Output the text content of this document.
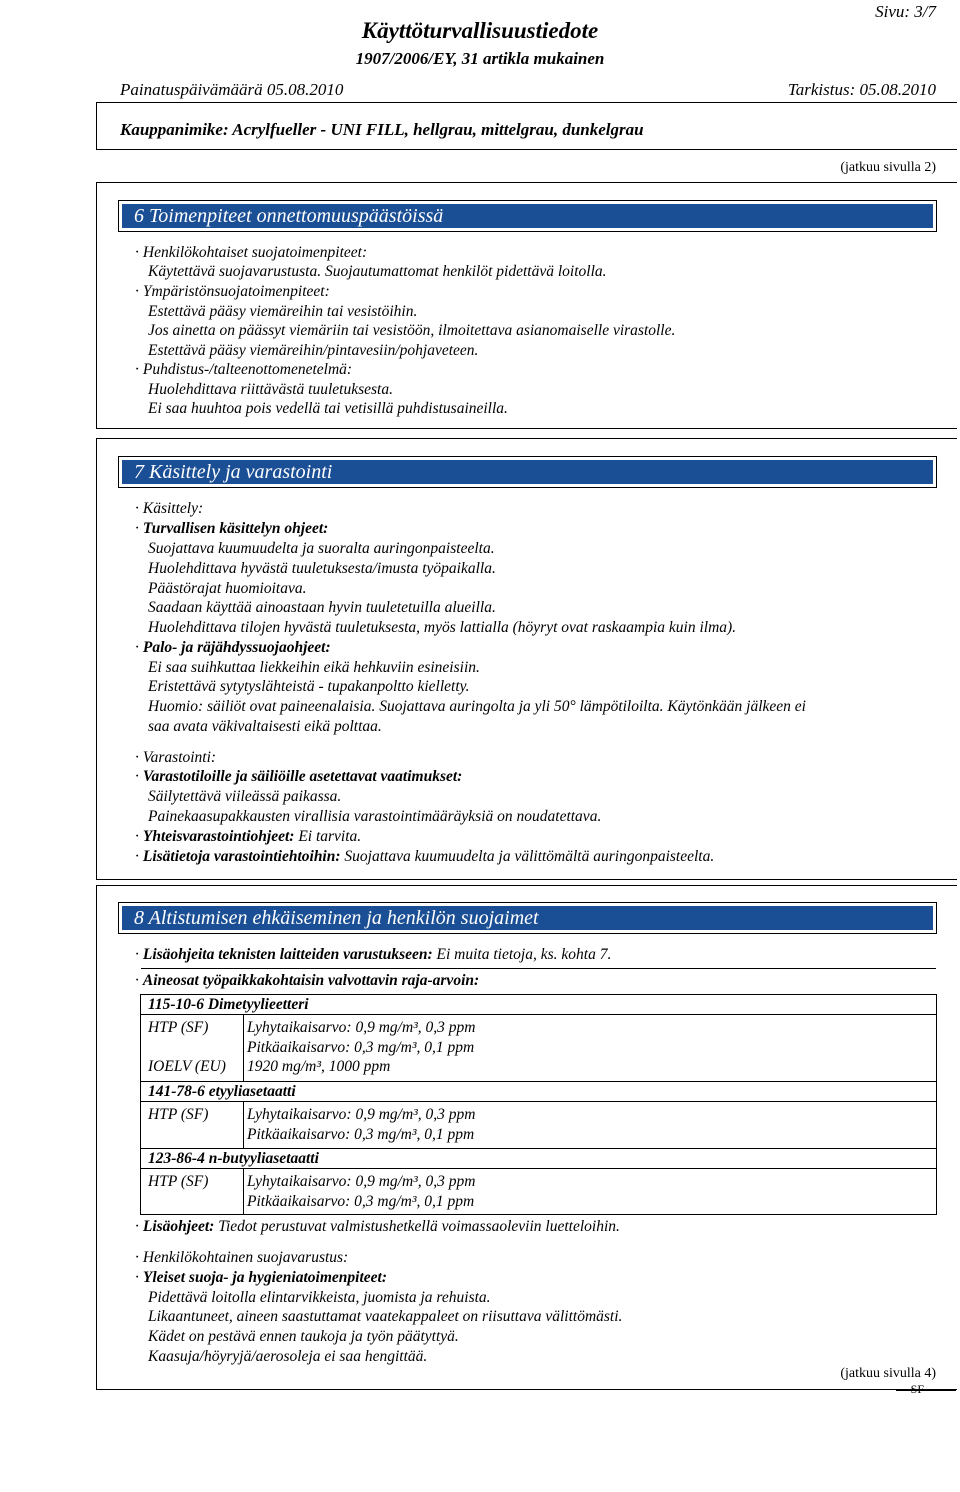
Sivu: 3/7
Käyttöturvallisuustiedote
1907/2006/EY, 31 artikla mukainen
Painatuspäivämäärä 05.08.2010	Tarkistus: 05.08.2010
Kauppanimike: Acrylfueller - UNI FILL, hellgrau, mittelgrau, dunkelgrau
(jatkuu sivulla 2)
6 Toimenpiteet onnettomuuspäästöissä
· Henkilökohtaiset suojatoimenpiteet:
Käytettävä suojavarustusta. Suojautumattomat henkilöt pidettävä loitolla.
· Ympäristönsuojatoimenpiteet:
Estettävä pääsy viemäreihin tai vesistöihin.
Jos ainetta on päässyt viemäriin tai vesistöön, ilmoitettava asianomaiselle virastolle.
Estettävä pääsy viemäreihin/pintavesiin/pohjaveteen.
· Puhdistus-/talteenottomenetelmä:
Huolehdittava riittävästä tuuletuksesta.
Ei saa huuhtoa pois vedellä tai vetisillä puhdistusaineilla.
7 Käsittely ja varastointi
· Käsittely:
· Turvallisen käsittelyn ohjeet:
Suojattava kuumuudelta ja suoralta auringonpaisteelta.
Huolehdittava hyvästä tuuletuksesta/imusta työpaikalla.
Päästörajat huomioitava.
Saadaan käyttää ainoastaan hyvin tuuletetuilla alueilla.
Huolehdittava tilojen hyvästä tuuletuksesta, myös lattialla (höyryt ovat raskaampia kuin ilma).
· Palo- ja räjähdyssuojaohjeet:
Ei saa suihkuttaa liekkeihin eikä hehkuviin esineisiin.
Eristettävä sytytyslähteistä - tupakanpoltto kielletty.
Huomio: säiliöt ovat paineenalaisia. Suojattava auringolta ja yli 50° lämpötiloilta. Käytönkään jälkeen ei
saa avata väkivaltaisesti eikä polttaa.
· Varastointi:
· Varastotiloille ja säiliöille asetettavat vaatimukset:
Säilytettävä viileässä paikassa.
Painekaasupakkausten virallisia varastointimääräyksiä on noudatettava.
· Yhteisvarastointiohjeet: Ei tarvita.
· Lisätietoja varastointiehtoihin: Suojattava kuumuudelta ja välittömältä auringonpaisteelta.
8 Altistumisen ehkäiseminen ja henkilön suojaimet
· Lisäohjeita teknisten laitteiden varustukseen: Ei muita tietoja, ks. kohta 7.
· Aineosat työpaikkakohtaisin valvottavin raja-arvoin:
115-10-6 Dimetyylieetteri
HTP (SF) Lyhytaikaisarvo: 0,9 mg/m³, 0,3 ppm
Pitkäaikaisarvo: 0,3 mg/m³, 0,1 ppm
IOELV (EU) 1920 mg/m³, 1000 ppm
141-78-6 etyyliasetaatti
HTP (SF) Lyhytaikaisarvo: 0,9 mg/m³, 0,3 ppm
Pitkäaikaisarvo: 0,3 mg/m³, 0,1 ppm
123-86-4 n-butyyliasetaatti
HTP (SF) Lyhytaikaisarvo: 0,9 mg/m³, 0,3 ppm
Pitkäaikaisarvo: 0,3 mg/m³, 0,1 ppm
· Lisäohjeet: Tiedot perustuvat valmistushetkellä voimassaoleviin luetteloihin.
· Henkilökohtainen suojavarustus:
· Yleiset suoja- ja hygieniatoimenpiteet:
Pidettävä loitolla elintarvikkeista, juomista ja rehuista.
Likaantuneet, aineen saastuttamat vaatekappaleet on riisuttava välittömästi.
Kädet on pestävä ennen taukoja ja työn päätyttyä.
Kaasuja/höyryjä/aerosoleja ei saa hengittää.
(jatkuu sivulla 4)
SF
